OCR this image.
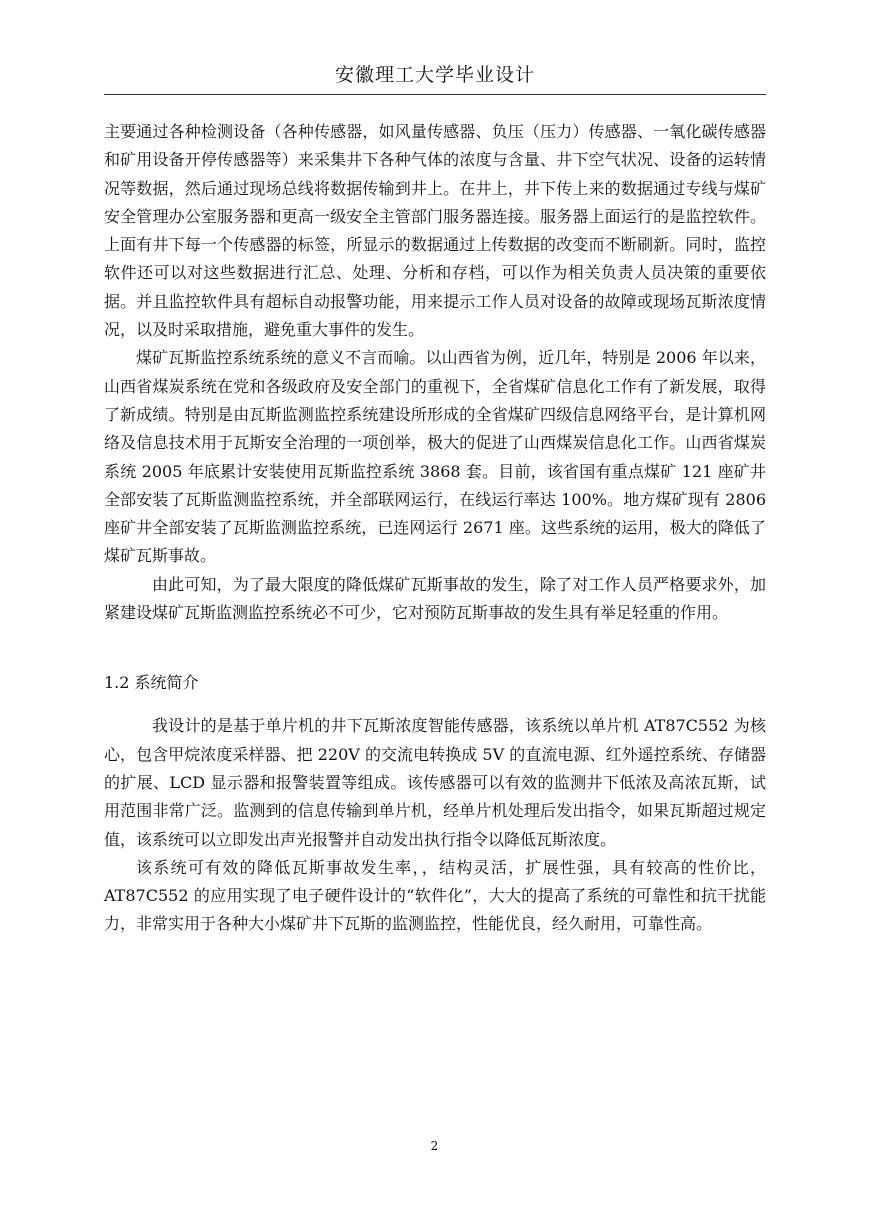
安徽理工大学毕业设计

主要通过各种检测设备（各种传感器，如风量传感器、负压（压力）传感器、一氧化碳传感器和矿用设备开停传感器等）来采集井下各种气体的浓度与含量、井下空气状况、设备的运转情况等数据，然后通过现场总线将数据传输到井上。在井上，井下传上来的数据通过专线与煤矿安全管理办公室服务器和更高一级安全主管部门服务器连接。服务器上面运行的是监控软件。上面有井下每一个传感器的标签，所显示的数据通过上传数据的改变而不断刷新。同时，监控软件还可以对这些数据进行汇总、处理、分析和存档，可以作为相关负责人员决策的重要依据。并且监控软件具有超标自动报警功能，用来提示工作人员对设备的故障或现场瓦斯浓度情况，以及时采取措施，避免重大事件的发生。

煤矿瓦斯监控系统系统的意义不言而喻。以山西省为例，近几年，特别是 2006 年以来，山西省煤炭系统在党和各级政府及安全部门的重视下，全省煤矿信息化工作有了新发展，取得了新成绩。特别是由瓦斯监测监控系统建设所形成的全省煤矿四级信息网络平台，是计算机网络及信息技术用于瓦斯安全治理的一项创举，极大的促进了山西煤炭信息化工作。山西省煤炭系统 2005 年底累计安装使用瓦斯监控系统 3868 套。目前，该省国有重点煤矿 121 座矿井全部安装了瓦斯监测监控系统，并全部联网运行，在线运行率达 100%。地方煤矿现有 2806 座矿井全部安装了瓦斯监测监控系统，已连网运行 2671 座。这些系统的运用，极大的降低了煤矿瓦斯事故。

由此可知，为了最大限度的降低煤矿瓦斯事故的发生，除了对工作人员严格要求外，加紧建设煤矿瓦斯监测监控系统必不可少，它对预防瓦斯事故的发生具有举足轻重的作用。

1.2 系统简介

我设计的是基于单片机的井下瓦斯浓度智能传感器，该系统以单片机 AT87C552 为核心，包含甲烷浓度采样器、把 220V 的交流电转换成 5V 的直流电源、红外遥控系统、存储器的扩展、LCD 显示器和报警装置等组成。该传感器可以有效的监测井下低浓及高浓瓦斯，试用范围非常广泛。监测到的信息传输到单片机，经单片机处理后发出指令，如果瓦斯超过规定值，该系统可以立即发出声光报警并自动发出执行指令以降低瓦斯浓度。

该系统可有效的降低瓦斯事故发生率，，结构灵活，扩展性强，具有较高的性价比，AT87C552 的应用实现了电子硬件设计的“软件化”，大大的提高了系统的可靠性和抗干扰能力，非常实用于各种大小煤矿井下瓦斯的监测监控，性能优良，经久耐用，可靠性高。

2
